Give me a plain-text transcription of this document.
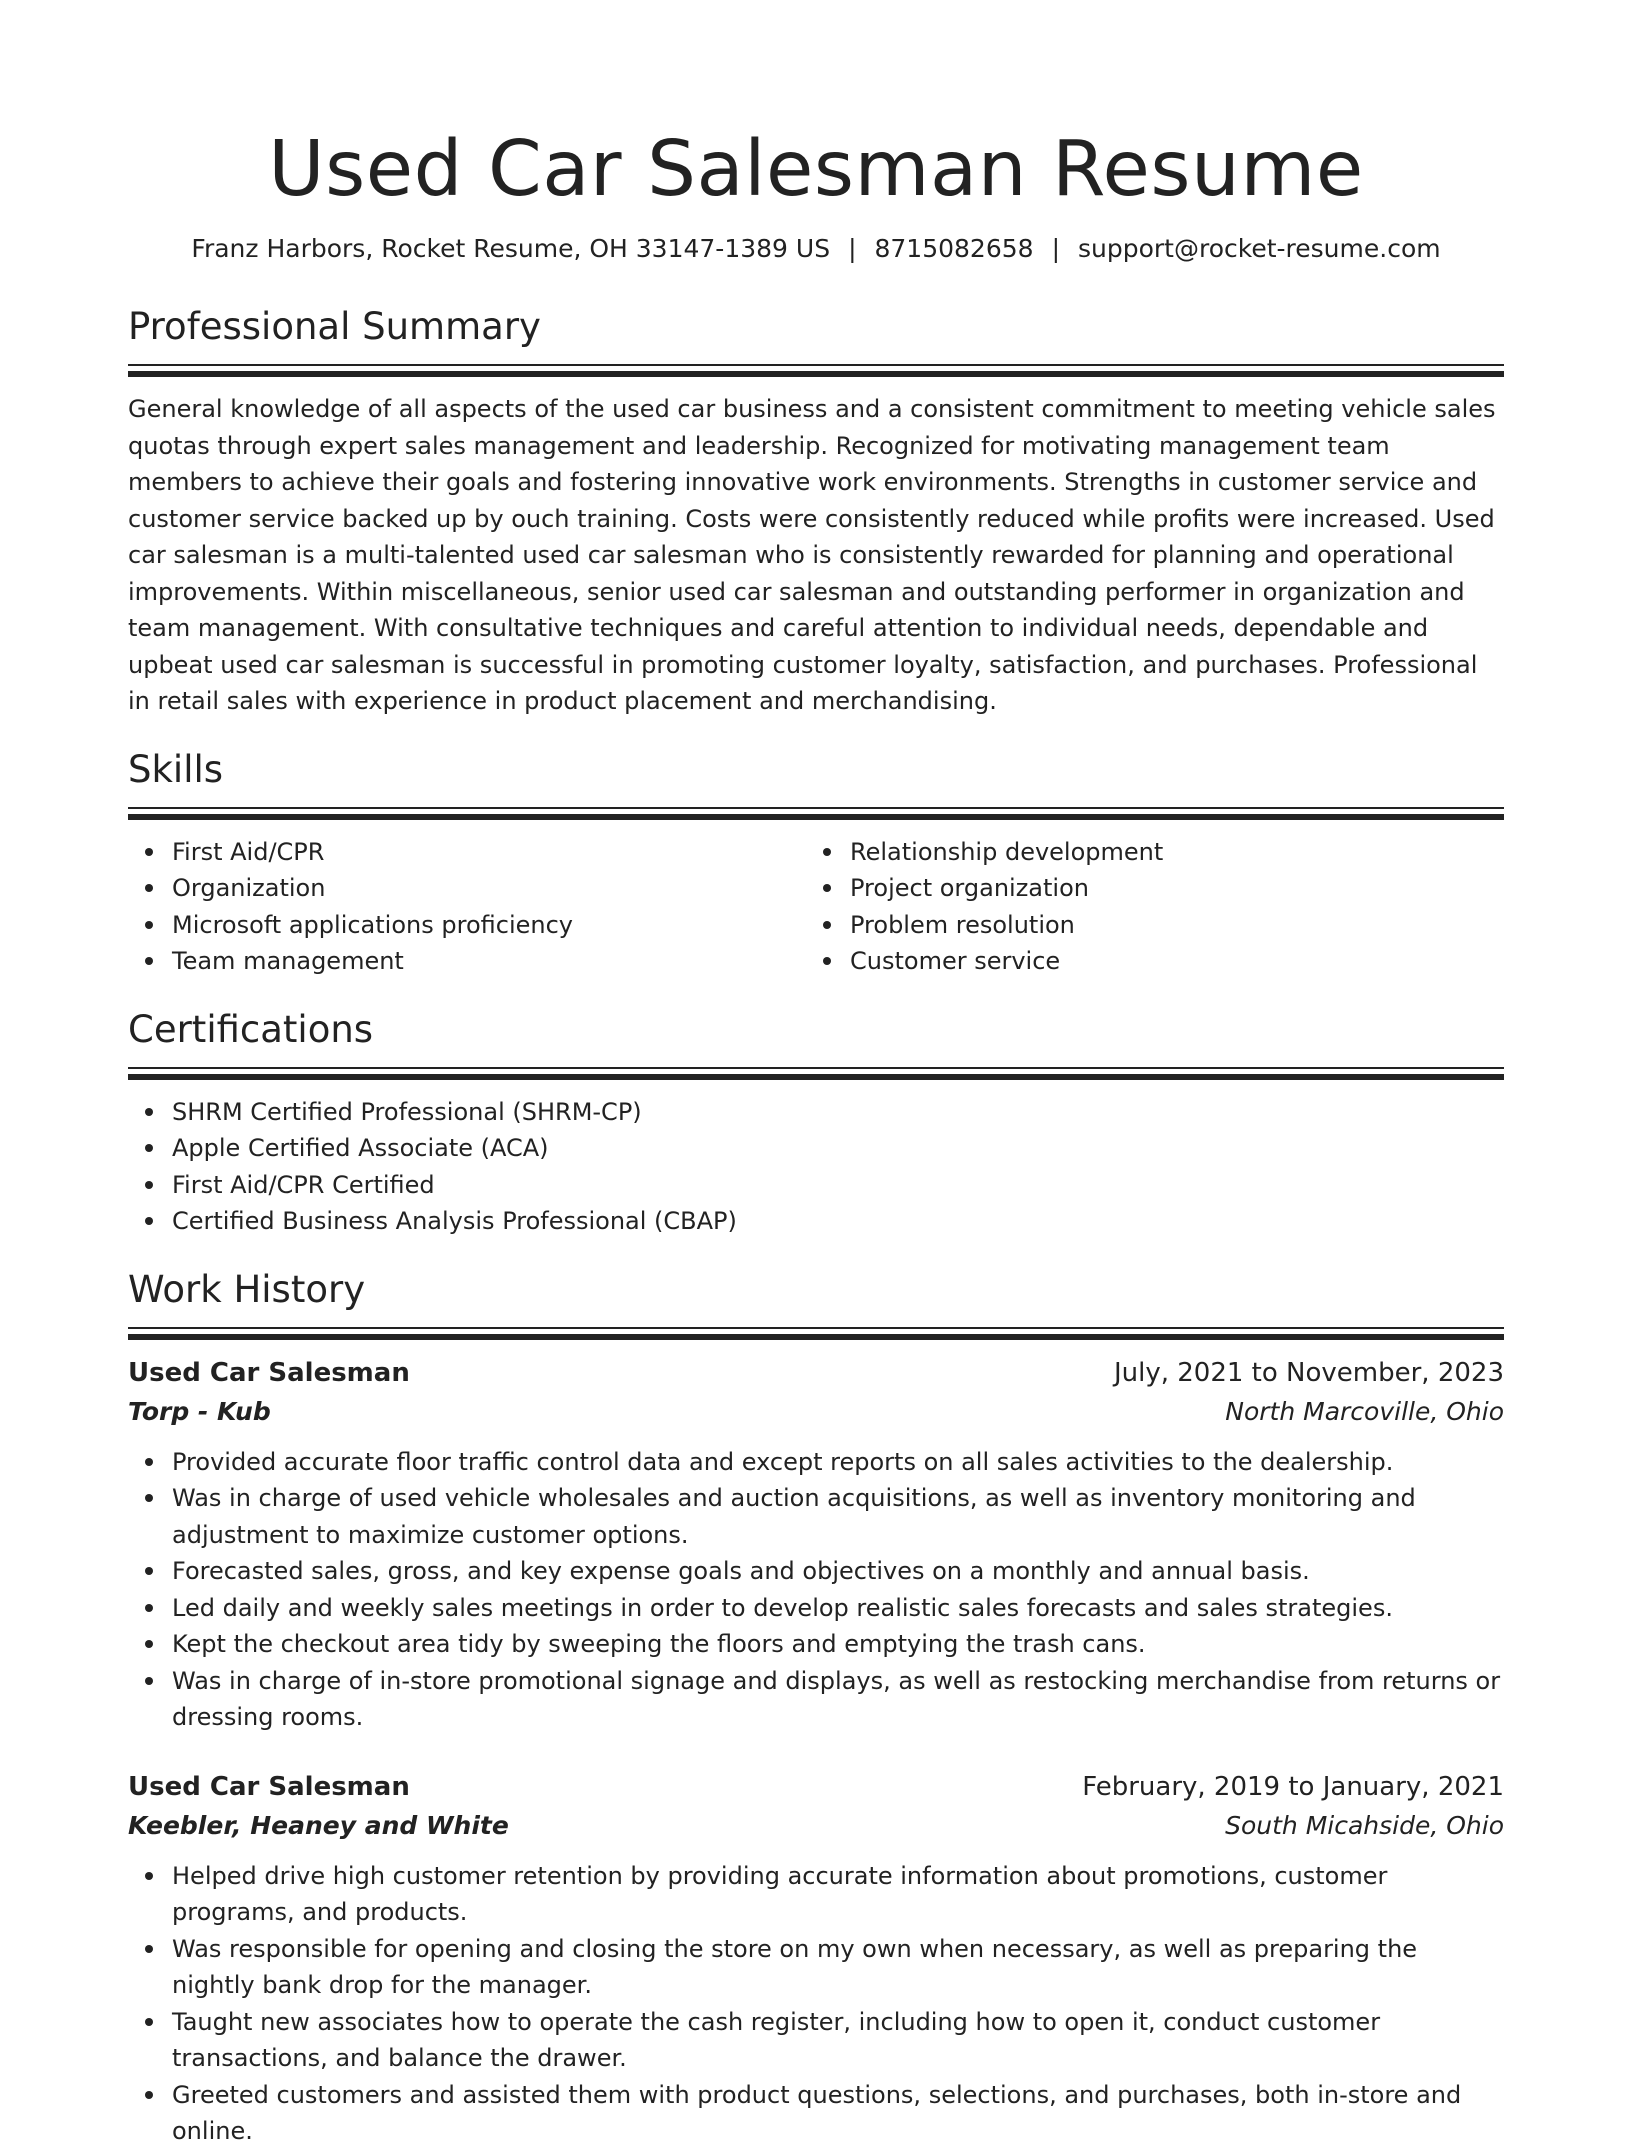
Used Car Salesman Resume
Franz Harbors, Rocket Resume, OH 33147-1389 US | 8715082658 | support@rocket-resume.com
Professional Summary

General knowledge of all aspects of the used car business and a consistent commitment to meeting vehicle sales quotas through expert sales management and leadership. Recognized for motivating management team members to achieve their goals and fostering innovative work environments. Strengths in customer service and customer service backed up by ouch training. Costs were consistently reduced while profits were increased. Used car salesman is a multi-talented used car salesman who is consistently rewarded for planning and operational improvements. Within miscellaneous, senior used car salesman and outstanding performer in organization and team management. With consultative techniques and careful attention to individual needs, dependable and upbeat used car salesman is successful in promoting customer loyalty, satisfaction, and purchases. Professional in retail sales with experience in product placement and merchandising.

Skills
First Aid/CPR
Organization
Microsoft applications proficiency
Team management
Relationship development
Project organization
Problem resolution
Customer service
Certifications
SHRM Certified Professional (SHRM-CP)
Apple Certified Associate (ACA)
First Aid/CPR Certified
Certified Business Analysis Professional (CBAP)
Work History
Used Car Salesman	July, 2021 to November, 2023
Torp - Kub	North Marcoville, Ohio
Provided accurate floor traffic control data and except reports on all sales activities to the dealership.
Was in charge of used vehicle wholesales and auction acquisitions, as well as inventory monitoring and adjustment to maximize customer options.
Forecasted sales, gross, and key expense goals and objectives on a monthly and annual basis.
Led daily and weekly sales meetings in order to develop realistic sales forecasts and sales strategies.
Kept the checkout area tidy by sweeping the floors and emptying the trash cans.
Was in charge of in-store promotional signage and displays, as well as restocking merchandise from returns or dressing rooms.
Used Car Salesman	February, 2019 to January, 2021
Keebler, Heaney and White	South Micahside, Ohio
Helped drive high customer retention by providing accurate information about promotions, customer programs, and products.
Was responsible for opening and closing the store on my own when necessary, as well as preparing the nightly bank drop for the manager.
Taught new associates how to operate the cash register, including how to open it, conduct customer transactions, and balance the drawer.
Greeted customers and assisted them with product questions, selections, and purchases, both in-store and online.
